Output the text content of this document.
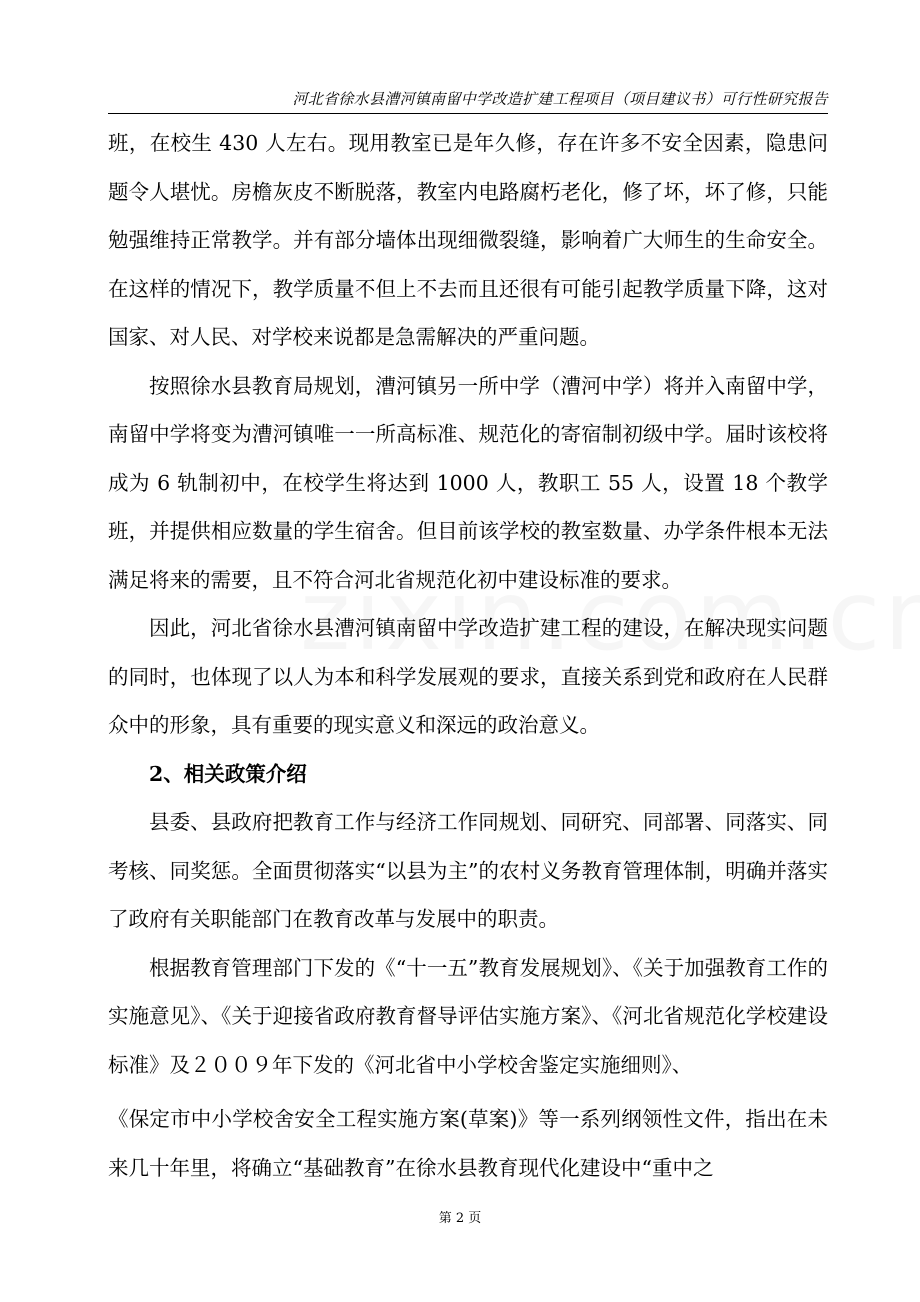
河北省徐水县漕河镇南留中学改造扩建工程项目（项目建议书）可行性研究报告

班，在校生 430 人左右。现用教室已是年久修，存在许多不安全因素，隐患问题令人堪忧。房檐灰皮不断脱落，教室内电路腐朽老化，修了坏，坏了修，只能勉强维持正常教学。并有部分墙体出现细微裂缝，影响着广大师生的生命安全。在这样的情况下，教学质量不但上不去而且还很有可能引起教学质量下降，这对国家、对人民、对学校来说都是急需解决的严重问题。

按照徐水县教育局规划，漕河镇另一所中学（漕河中学）将并入南留中学，南留中学将变为漕河镇唯一一所高标准、规范化的寄宿制初级中学。届时该校将成为 6 轨制初中，在校学生将达到 1000 人，教职工 55 人，设置 18 个教学班，并提供相应数量的学生宿舍。但目前该学校的教室数量、办学条件根本无法满足将来的需要，且不符合河北省规范化初中建设标准的要求。

因此，河北省徐水县漕河镇南留中学改造扩建工程的建设，在解决现实问题的同时，也体现了以人为本和科学发展观的要求，直接关系到党和政府在人民群众中的形象，具有重要的现实意义和深远的政治意义。

2、相关政策介绍

县委、县政府把教育工作与经济工作同规划、同研究、同部署、同落实、同考核、同奖惩。全面贯彻落实“以县为主”的农村义务教育管理体制，明确并落实了政府有关职能部门在教育改革与发展中的职责。

根据教育管理部门下发的《“十一五”教育发展规划》、《关于加强教育工作的实施意见》、《关于迎接省政府教育督导评估实施方案》、《河北省规范化学校建设标准》及２００９年下发的《河北省中小学校舍鉴定实施细则》、

《保定市中小学校舍安全工程实施方案(草案)》等一系列纲领性文件，指出在未来几十年里，将确立“基础教育”在徐水县教育现代化建设中“重中之

第 2 页
